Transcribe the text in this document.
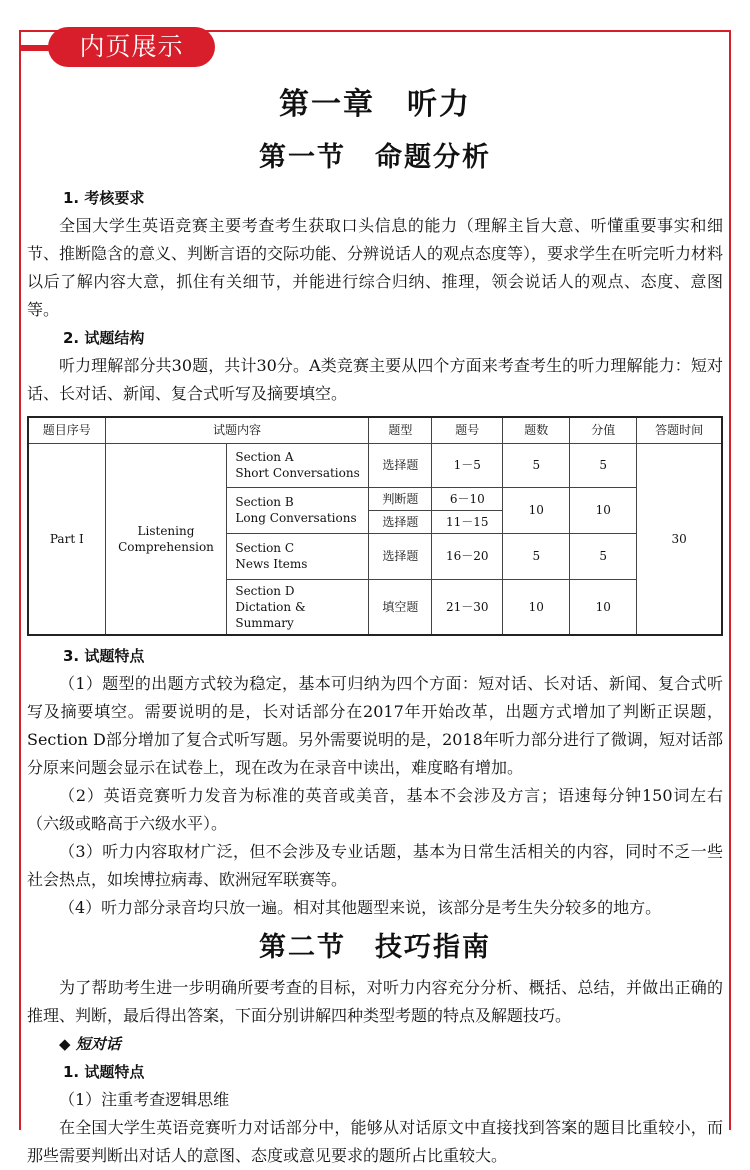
内页展示
第一章　听力
第一节　命题分析
1. 考核要求

全国大学生英语竞赛主要考查考生获取口头信息的能力（理解主旨大意、听懂重要事实和细节、推断隐含的意义、判断言语的交际功能、分辨说话人的观点态度等），要求学生在听完听力材料以后了解内容大意，抓住有关细节，并能进行综合归纳、推理，领会说话人的观点、态度、意图等。

2. 试题结构

听力理解部分共30题，共计30分。A类竞赛主要从四个方面来考查考生的听力理解能力：短对话、长对话、新闻、复合式听写及摘要填空。

题目序号	试题内容		题型	题号	题数	分值	答题时间
Part I	Listening Comprehension	Section A
Short Conversations	选择题	1－5	5	5	30

		Section B
Long Conversations	判断题	6－10	10	10	
			选择题	11－15			

		Section C
News Items	选择题	16－20	5	5	

		Section D
Dictation & Summary	填空题	21－30	10	10	
3. 试题特点

（1）题型的出题方式较为稳定，基本可归纳为四个方面：短对话、长对话、新闻、复合式听写及摘要填空。需要说明的是，长对话部分在2017年开始改革，出题方式增加了判断正误题，Section D部分增加了复合式听写题。另外需要说明的是，2018年听力部分进行了微调，短对话部分原来问题会显示在试卷上，现在改为在录音中读出，难度略有增加。

（2）英语竞赛听力发音为标准的英音或美音，基本不会涉及方言；语速每分钟150词左右（六级或略高于六级水平）。

（3）听力内容取材广泛，但不会涉及专业话题，基本为日常生活相关的内容，同时不乏一些社会热点，如埃博拉病毒、欧洲冠军联赛等。

（4）听力部分录音均只放一遍。相对其他题型来说，该部分是考生失分较多的地方。

第二节　技巧指南

为了帮助考生进一步明确所要考查的目标，对听力内容充分分析、概括、总结，并做出正确的推理、判断，最后得出答案，下面分别讲解四种类型考题的特点及解题技巧。

◆ 短对话
1. 试题特点

（1）注重考查逻辑思维

在全国大学生英语竞赛听力对话部分中，能够从对话原文中直接找到答案的题目比重较小，而那些需要判断出对话人的意图、态度或意见要求的题所占比重较大。
